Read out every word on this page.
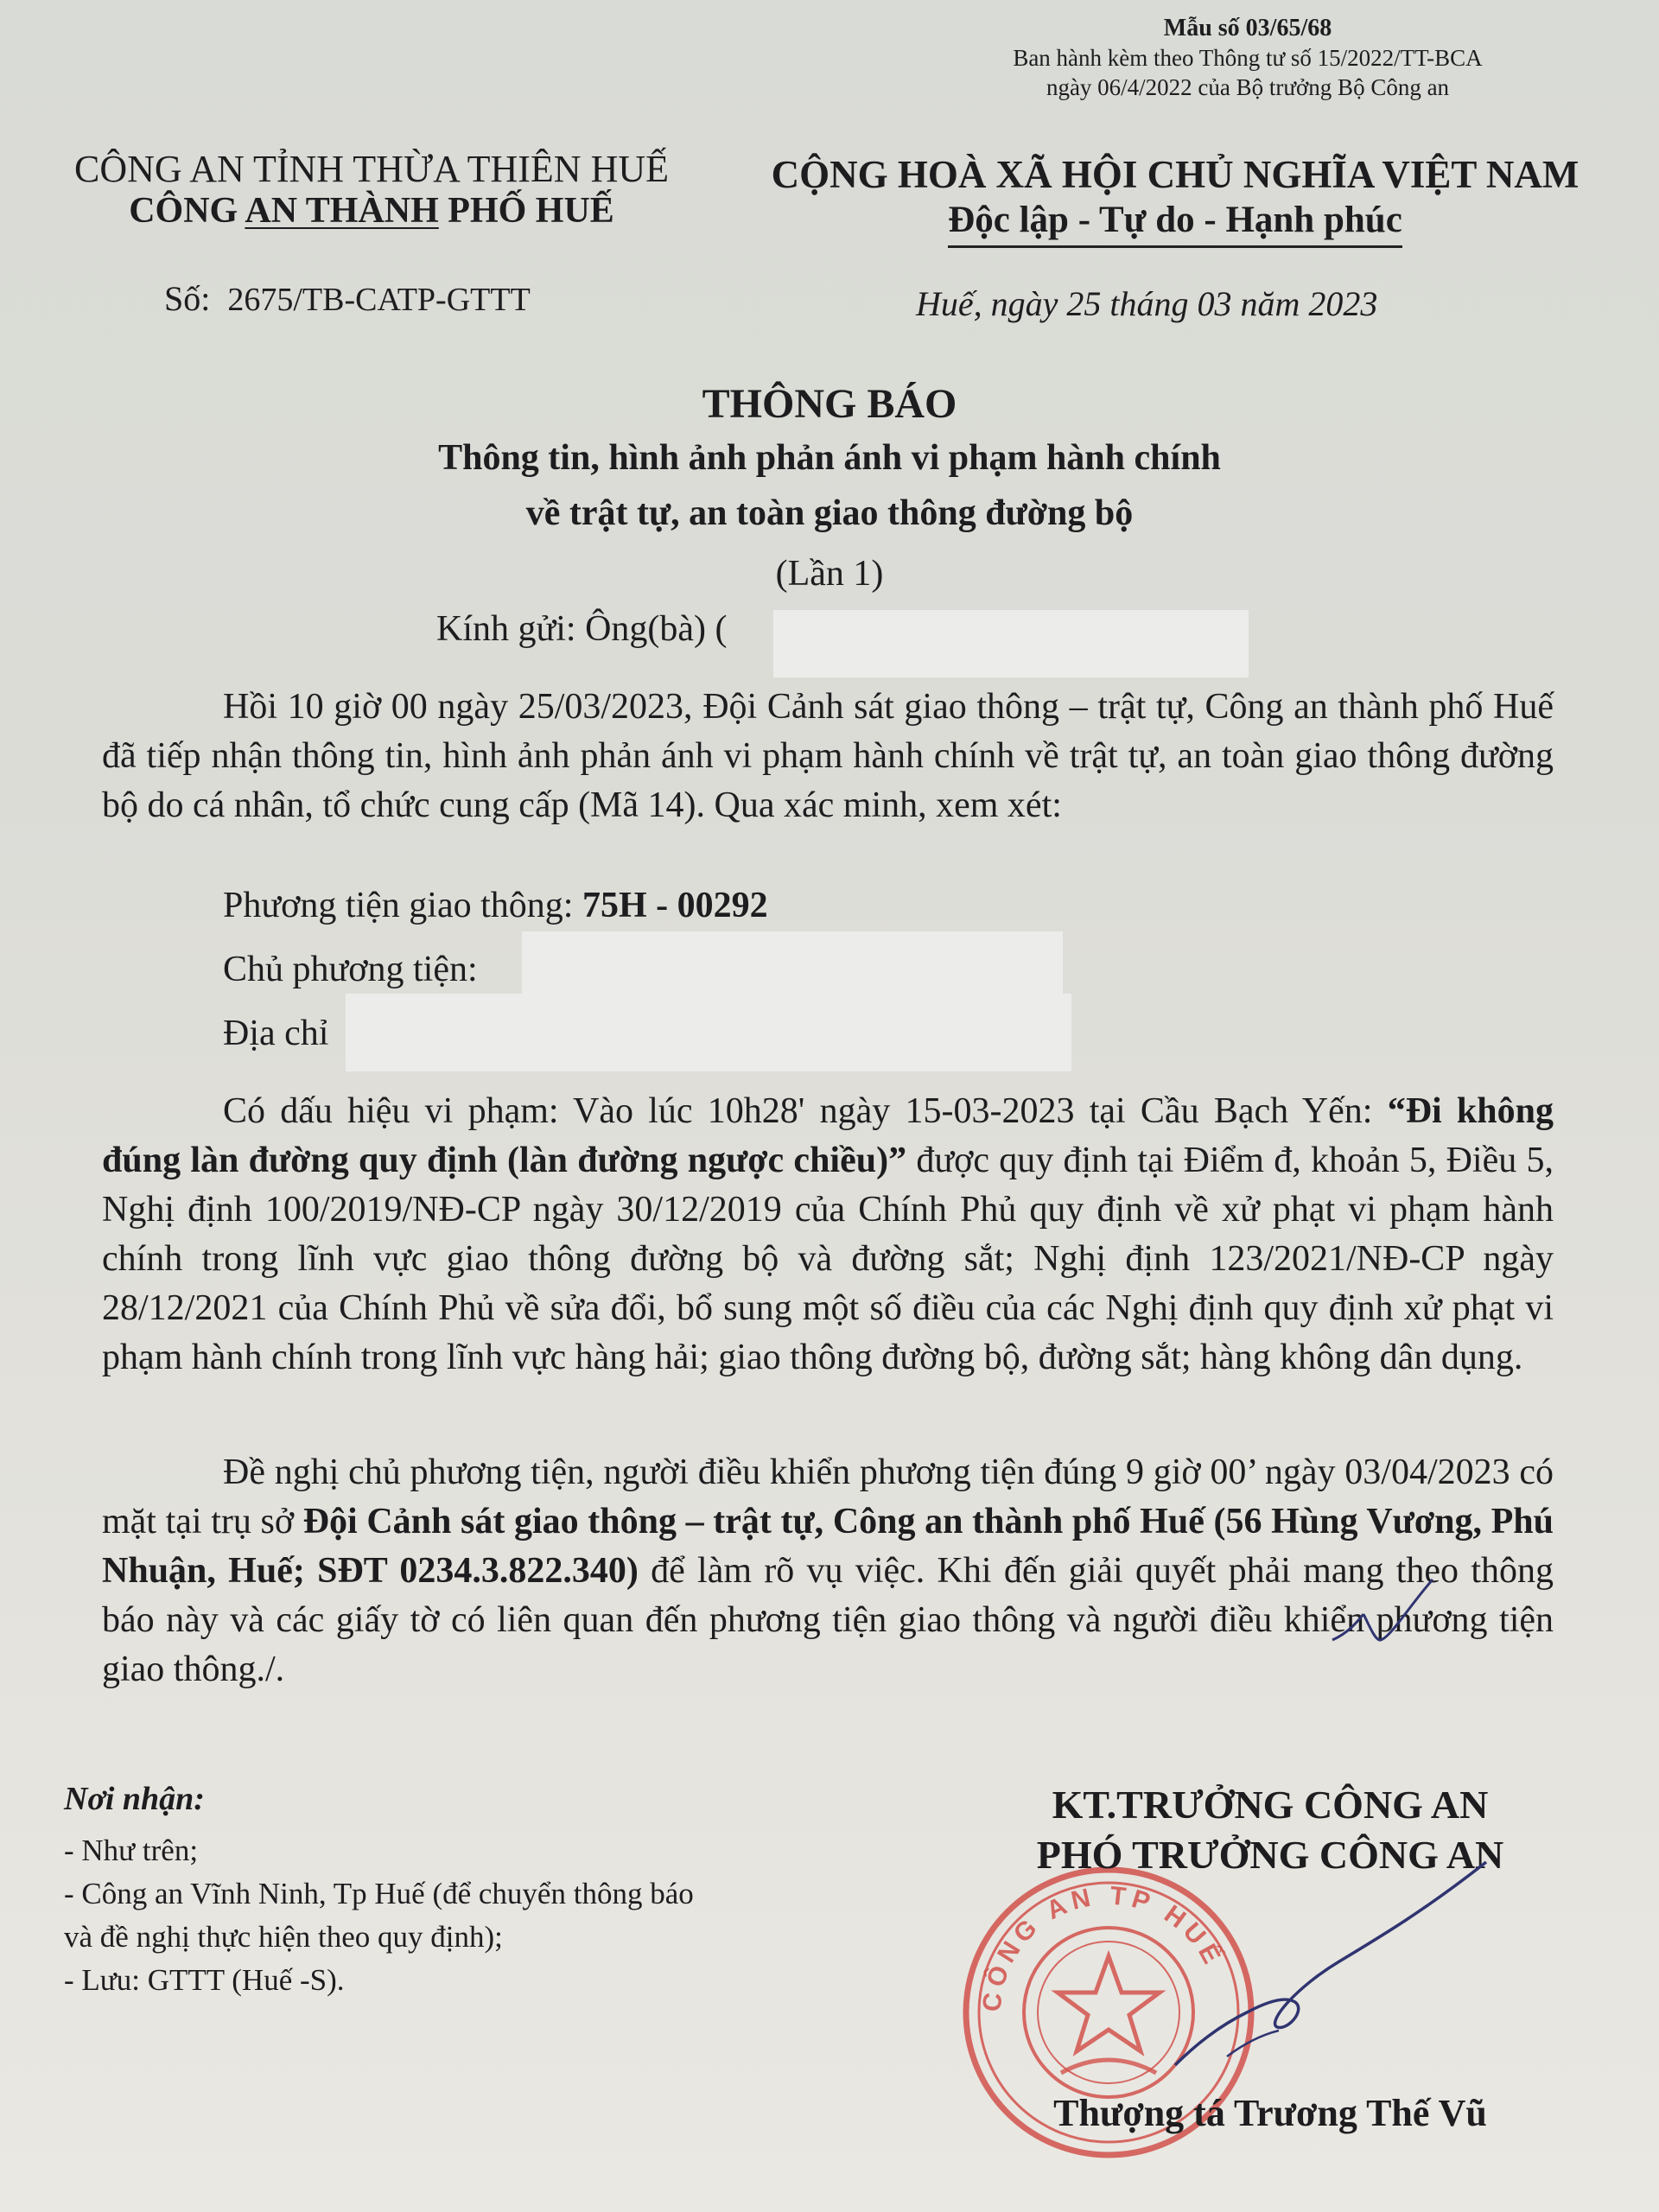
Mẫu số 03/65/68
Ban hành kèm theo Thông tư số 15/2022/TT-BCA
ngày 06/4/2022 của Bộ trưởng Bộ Công an
CÔNG AN TỈNH THỪA THIÊN HUẾ
CÔNG AN THÀNH PHỐ HUẾ
CỘNG HOÀ XÃ HỘI CHỦ NGHĨA VIỆT NAM
Độc lập - Tự do - Hạnh phúc
Số: 2675/TB-CATP-GTTT	Huế, ngày 25 tháng 03 năm 2023
THÔNG BÁO
Thông tin, hình ảnh phản ánh vi phạm hành chính
về trật tự, an toàn giao thông đường bộ
(Lần 1)
Kính gửi: Ông(bà) (
Hồi 10 giờ 00 ngày 25/03/2023, Đội Cảnh sát giao thông – trật tự, Công an thành phố Huế đã tiếp nhận thông tin, hình ảnh phản ánh vi phạm hành chính về trật tự, an toàn giao thông đường bộ do cá nhân, tổ chức cung cấp (Mã 14). Qua xác minh, xem xét:
Phương tiện giao thông: 75H - 00292
Chủ phương tiện:
Địa chỉ
Có dấu hiệu vi phạm: Vào lúc 10h28' ngày 15-03-2023 tại Cầu Bạch Yến: “Đi không đúng làn đường quy định (làn đường ngược chiều)” được quy định tại Điểm đ, khoản 5, Điều 5, Nghị định 100/2019/NĐ-CP ngày 30/12/2019 của Chính Phủ quy định về xử phạt vi phạm hành chính trong lĩnh vực giao thông đường bộ và đường sắt; Nghị định 123/2021/NĐ-CP ngày 28/12/2021 của Chính Phủ về sửa đổi, bổ sung một số điều của các Nghị định quy định xử phạt vi phạm hành chính trong lĩnh vực hàng hải; giao thông đường bộ, đường sắt; hàng không dân dụng.
Đề nghị chủ phương tiện, người điều khiển phương tiện đúng 9 giờ 00’ ngày 03/04/2023 có mặt tại trụ sở Đội Cảnh sát giao thông – trật tự, Công an thành phố Huế (56 Hùng Vương, Phú Nhuận, Huế; SĐT 0234.3.822.340) để làm rõ vụ việc. Khi đến giải quyết phải mang theo thông báo này và các giấy tờ có liên quan đến phương tiện giao thông và người điều khiển phương tiện giao thông./.
Nơi nhận:
- Như trên;
- Công an Vĩnh Ninh, Tp Huế (để chuyển thông báo
và đề nghị thực hiện theo quy định);
- Lưu: GTTT (Huế -S).
KT.TRƯỞNG CÔNG AN
CÔNG AN TP HUẾ
PHÓ TRƯỞNG CÔNG AN
Thượng tá Trương Thế Vũ
